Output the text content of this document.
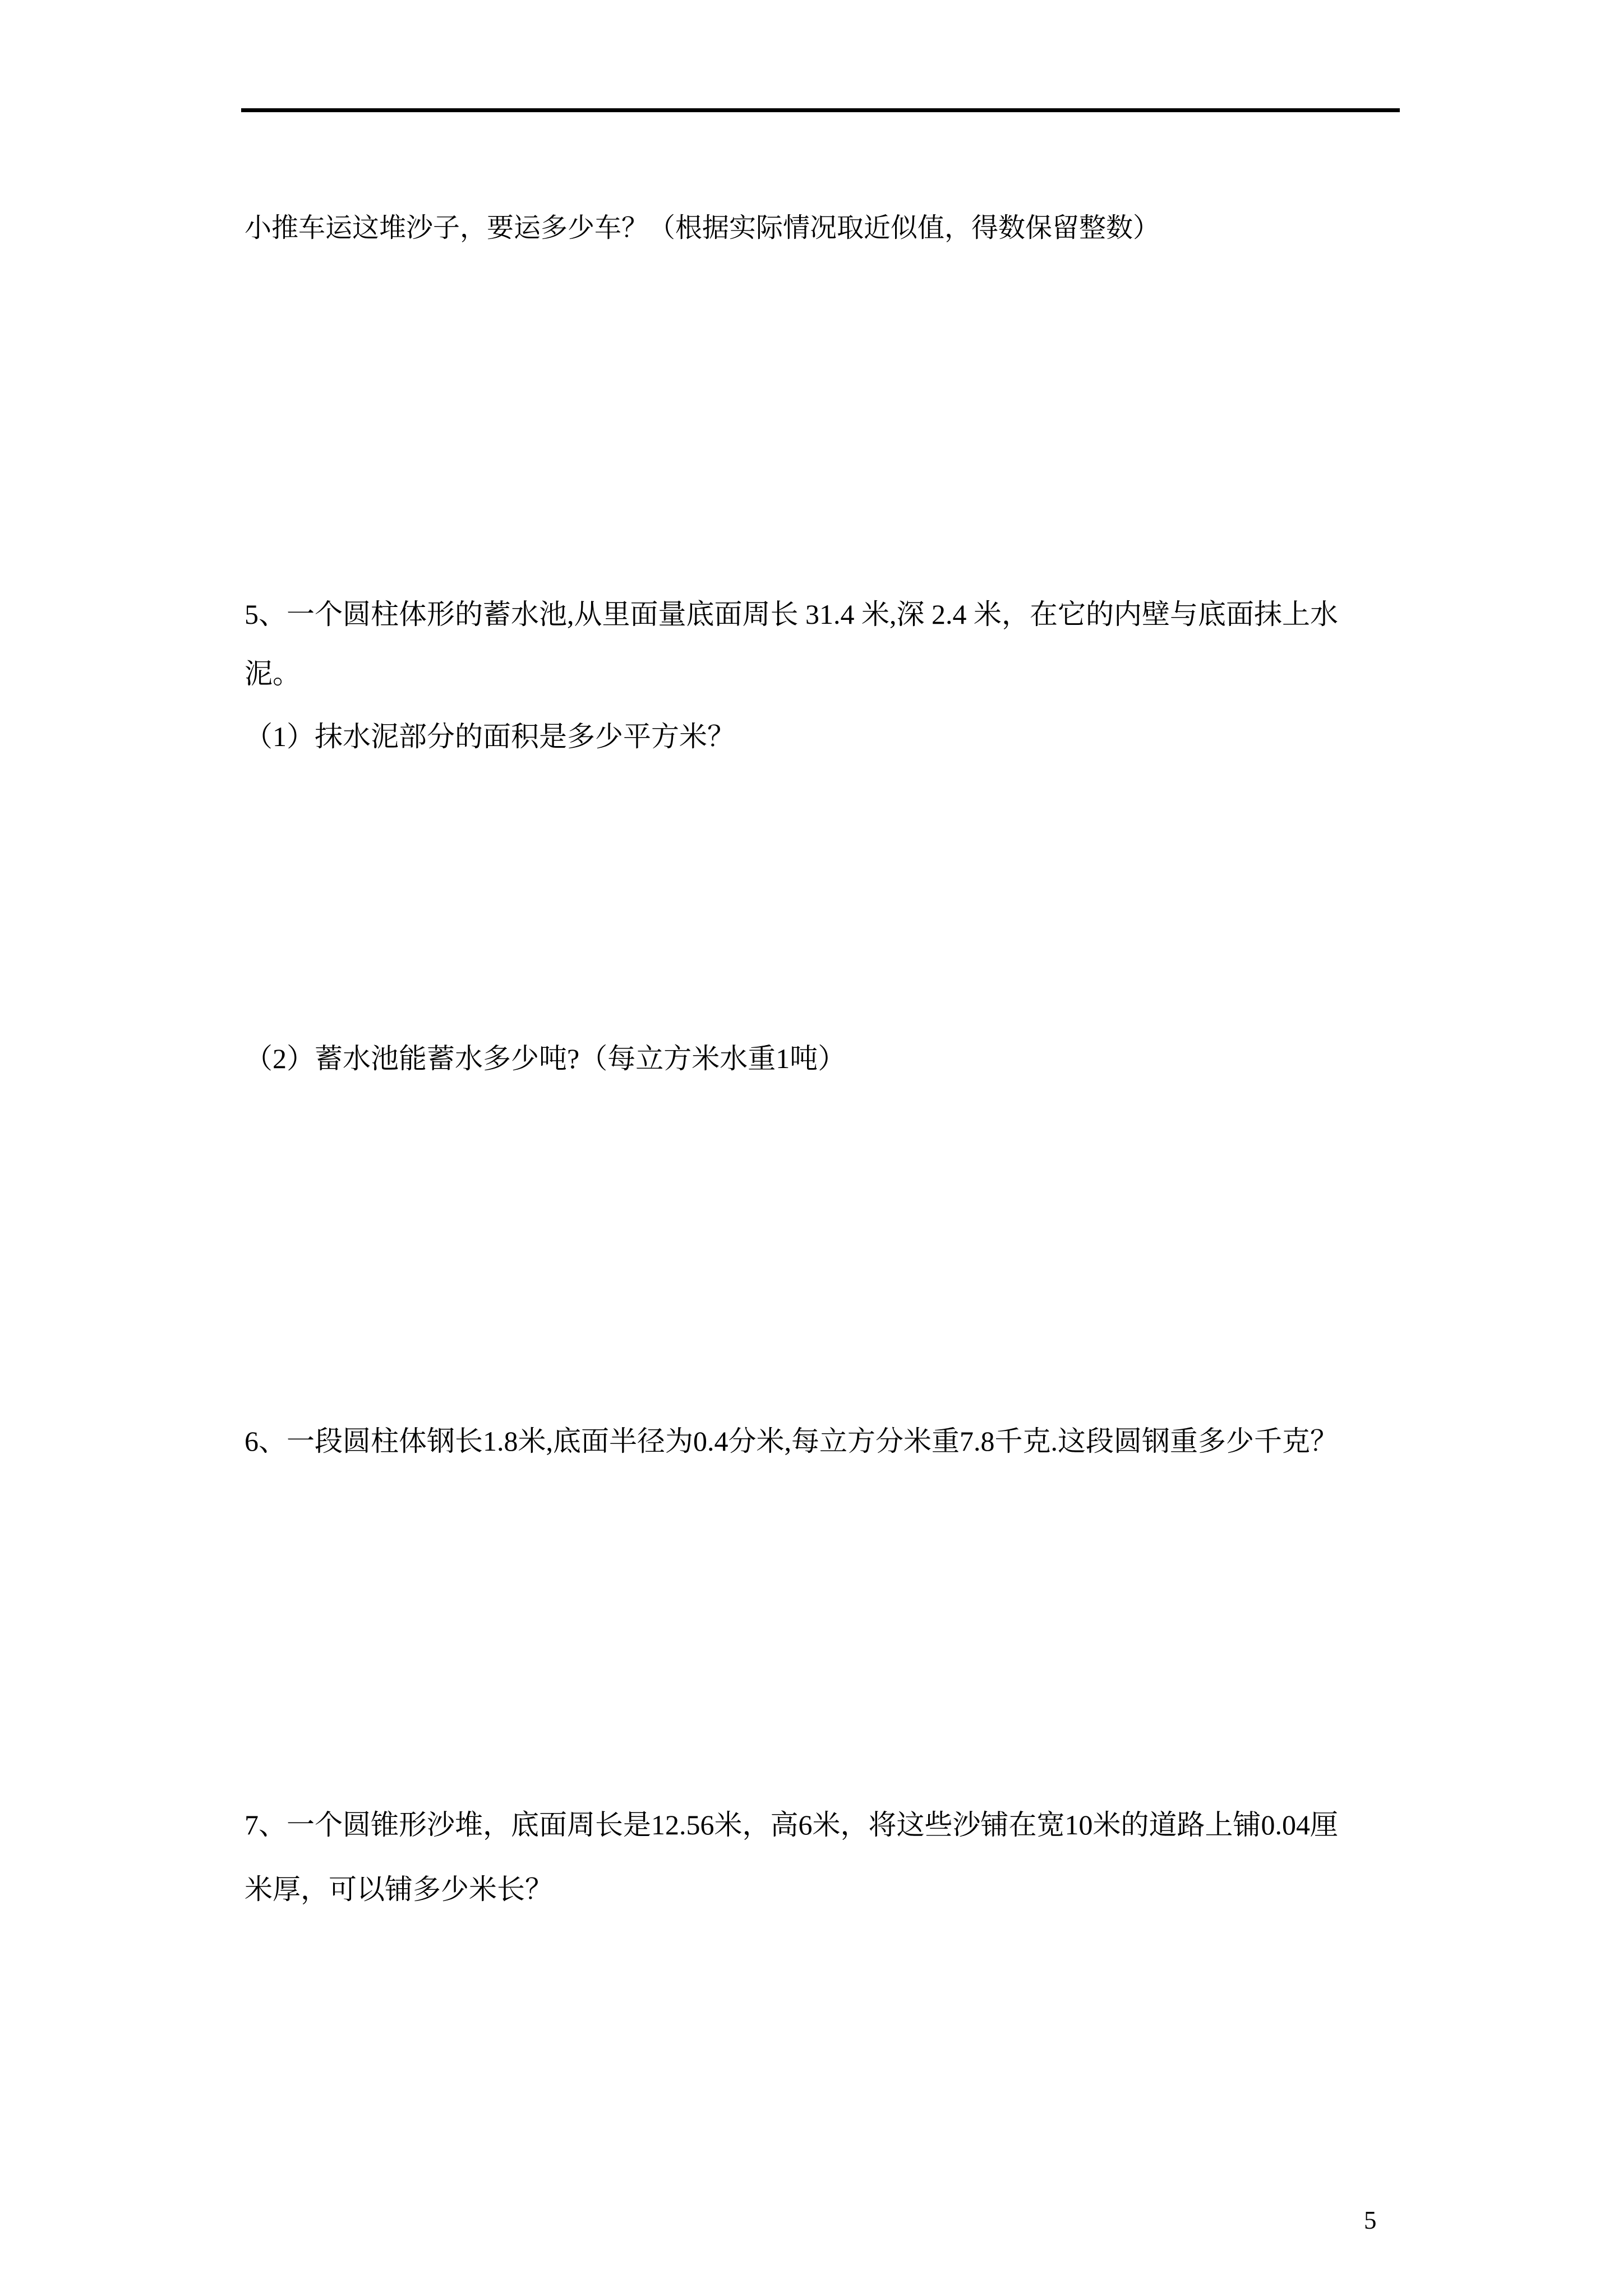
小推车运这堆沙子，要运多少车？（根据实际情况取近似值，得数保留整数）
5、一个圆柱体形的蓄水池,从里面量底面周长 31.4 米,深 2.4 米，在它的内壁与底面抹上水
泥。
（1）抹水泥部分的面积是多少平方米？
（2）蓄水池能蓄水多少吨?（每立方米水重1吨）
6、一段圆柱体钢长1.8米,底面半径为0.4分米,每立方分米重7.8千克.这段圆钢重多少千克？
7、一个圆锥形沙堆，底面周长是12.56米，高6米，将这些沙铺在宽10米的道路上铺0.04厘
米厚，可以铺多少米长？
5
